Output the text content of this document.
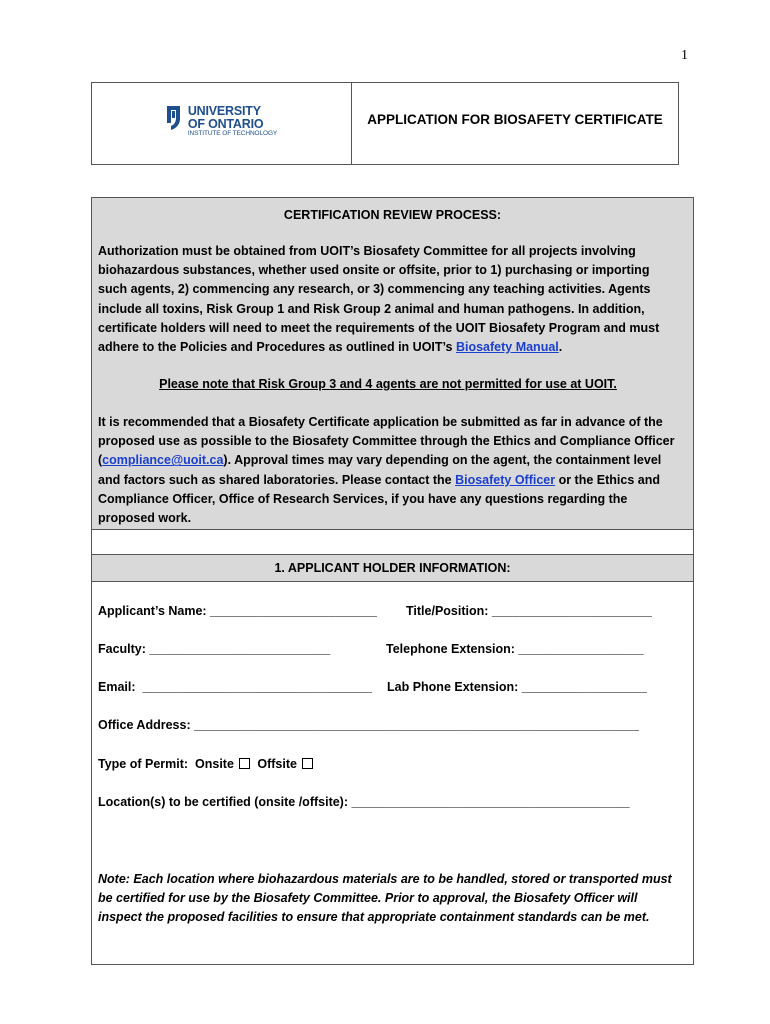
1
UNIVERSITY
OF ONTARIO
INSTITUTE OF TECHNOLOGY
APPLICATION FOR BIOSAFETY CERTIFICATE
CERTIFICATION REVIEW PROCESS:
Authorization must be obtained from UOIT’s Biosafety Committee for all projects involving biohazardous substances, whether used onsite or offsite, prior to 1) purchasing or importing such agents, 2) commencing any research, or 3) commencing any teaching activities. Agents include all toxins, Risk Group 1 and Risk Group 2 animal and human pathogens. In addition, certificate holders will need to meet the requirements of the UOIT Biosafety Program and must adhere to the Policies and Procedures as outlined in UOIT’s Biosafety Manual.
Please note that Risk Group 3 and 4 agents are not permitted for use at UOIT.
It is recommended that a Biosafety Certificate application be submitted as far in advance of the proposed use as possible to the Biosafety Committee through the Ethics and Compliance Officer (compliance@uoit.ca). Approval times may vary depending on the agent, the containment level and factors such as shared laboratories. Please contact the Biosafety Officer or the Ethics and Compliance Officer, Office of Research Services, if you have any questions regarding the proposed work.
1. APPLICANT HOLDER INFORMATION:
Applicant’s Name: ________________________ Title/Position: _______________________
Faculty: __________________________	Telephone Extension: __________________
Email:  _________________________________ Lab Phone Extension: __________________
Office Address: ________________________________________________________________
Type of Permit:  Onsite Offsite
Location(s) to be certified (onsite /offsite): ________________________________________
Note: Each location where biohazardous materials are to be handled, stored or transported must be certified for use by the Biosafety Committee. Prior to approval, the Biosafety Officer will inspect the proposed facilities to ensure that appropriate containment standards can be met.
